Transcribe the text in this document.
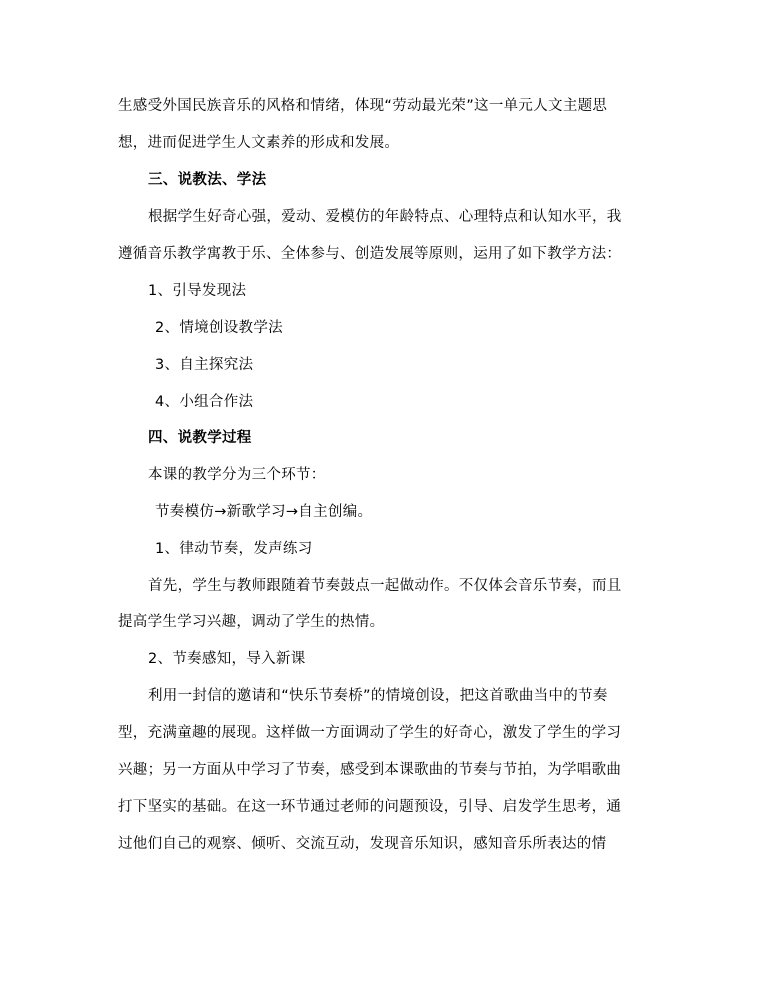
生感受外国民族音乐的风格和情绪，体现“劳动最光荣”这一单元人文主题思
想，进而促进学生人文素养的形成和发展。
三、说教法、学法
根据学生好奇心强，爱动、爱模仿的年龄特点、心理特点和认知水平，我
遵循音乐教学寓教于乐、全体参与、创造发展等原则，运用了如下教学方法：
1、引导发现法
2、情境创设教学法
3、自主探究法
4、小组合作法
四、说教学过程
本课的教学分为三个环节：
节奏模仿→新歌学习→自主创编。
1、律动节奏，发声练习
首先，学生与教师跟随着节奏鼓点一起做动作。不仅体会音乐节奏，而且
提高学生学习兴趣，调动了学生的热情。
2、节奏感知，导入新课
利用一封信的邀请和“快乐节奏桥”的情境创设，把这首歌曲当中的节奏
型，充满童趣的展现。这样做一方面调动了学生的好奇心，激发了学生的学习
兴趣；另一方面从中学习了节奏，感受到本课歌曲的节奏与节拍，为学唱歌曲
打下坚实的基础。在这一环节通过老师的问题预设，引导、启发学生思考，通
过他们自己的观察、倾听、交流互动，发现音乐知识，感知音乐所表达的情
